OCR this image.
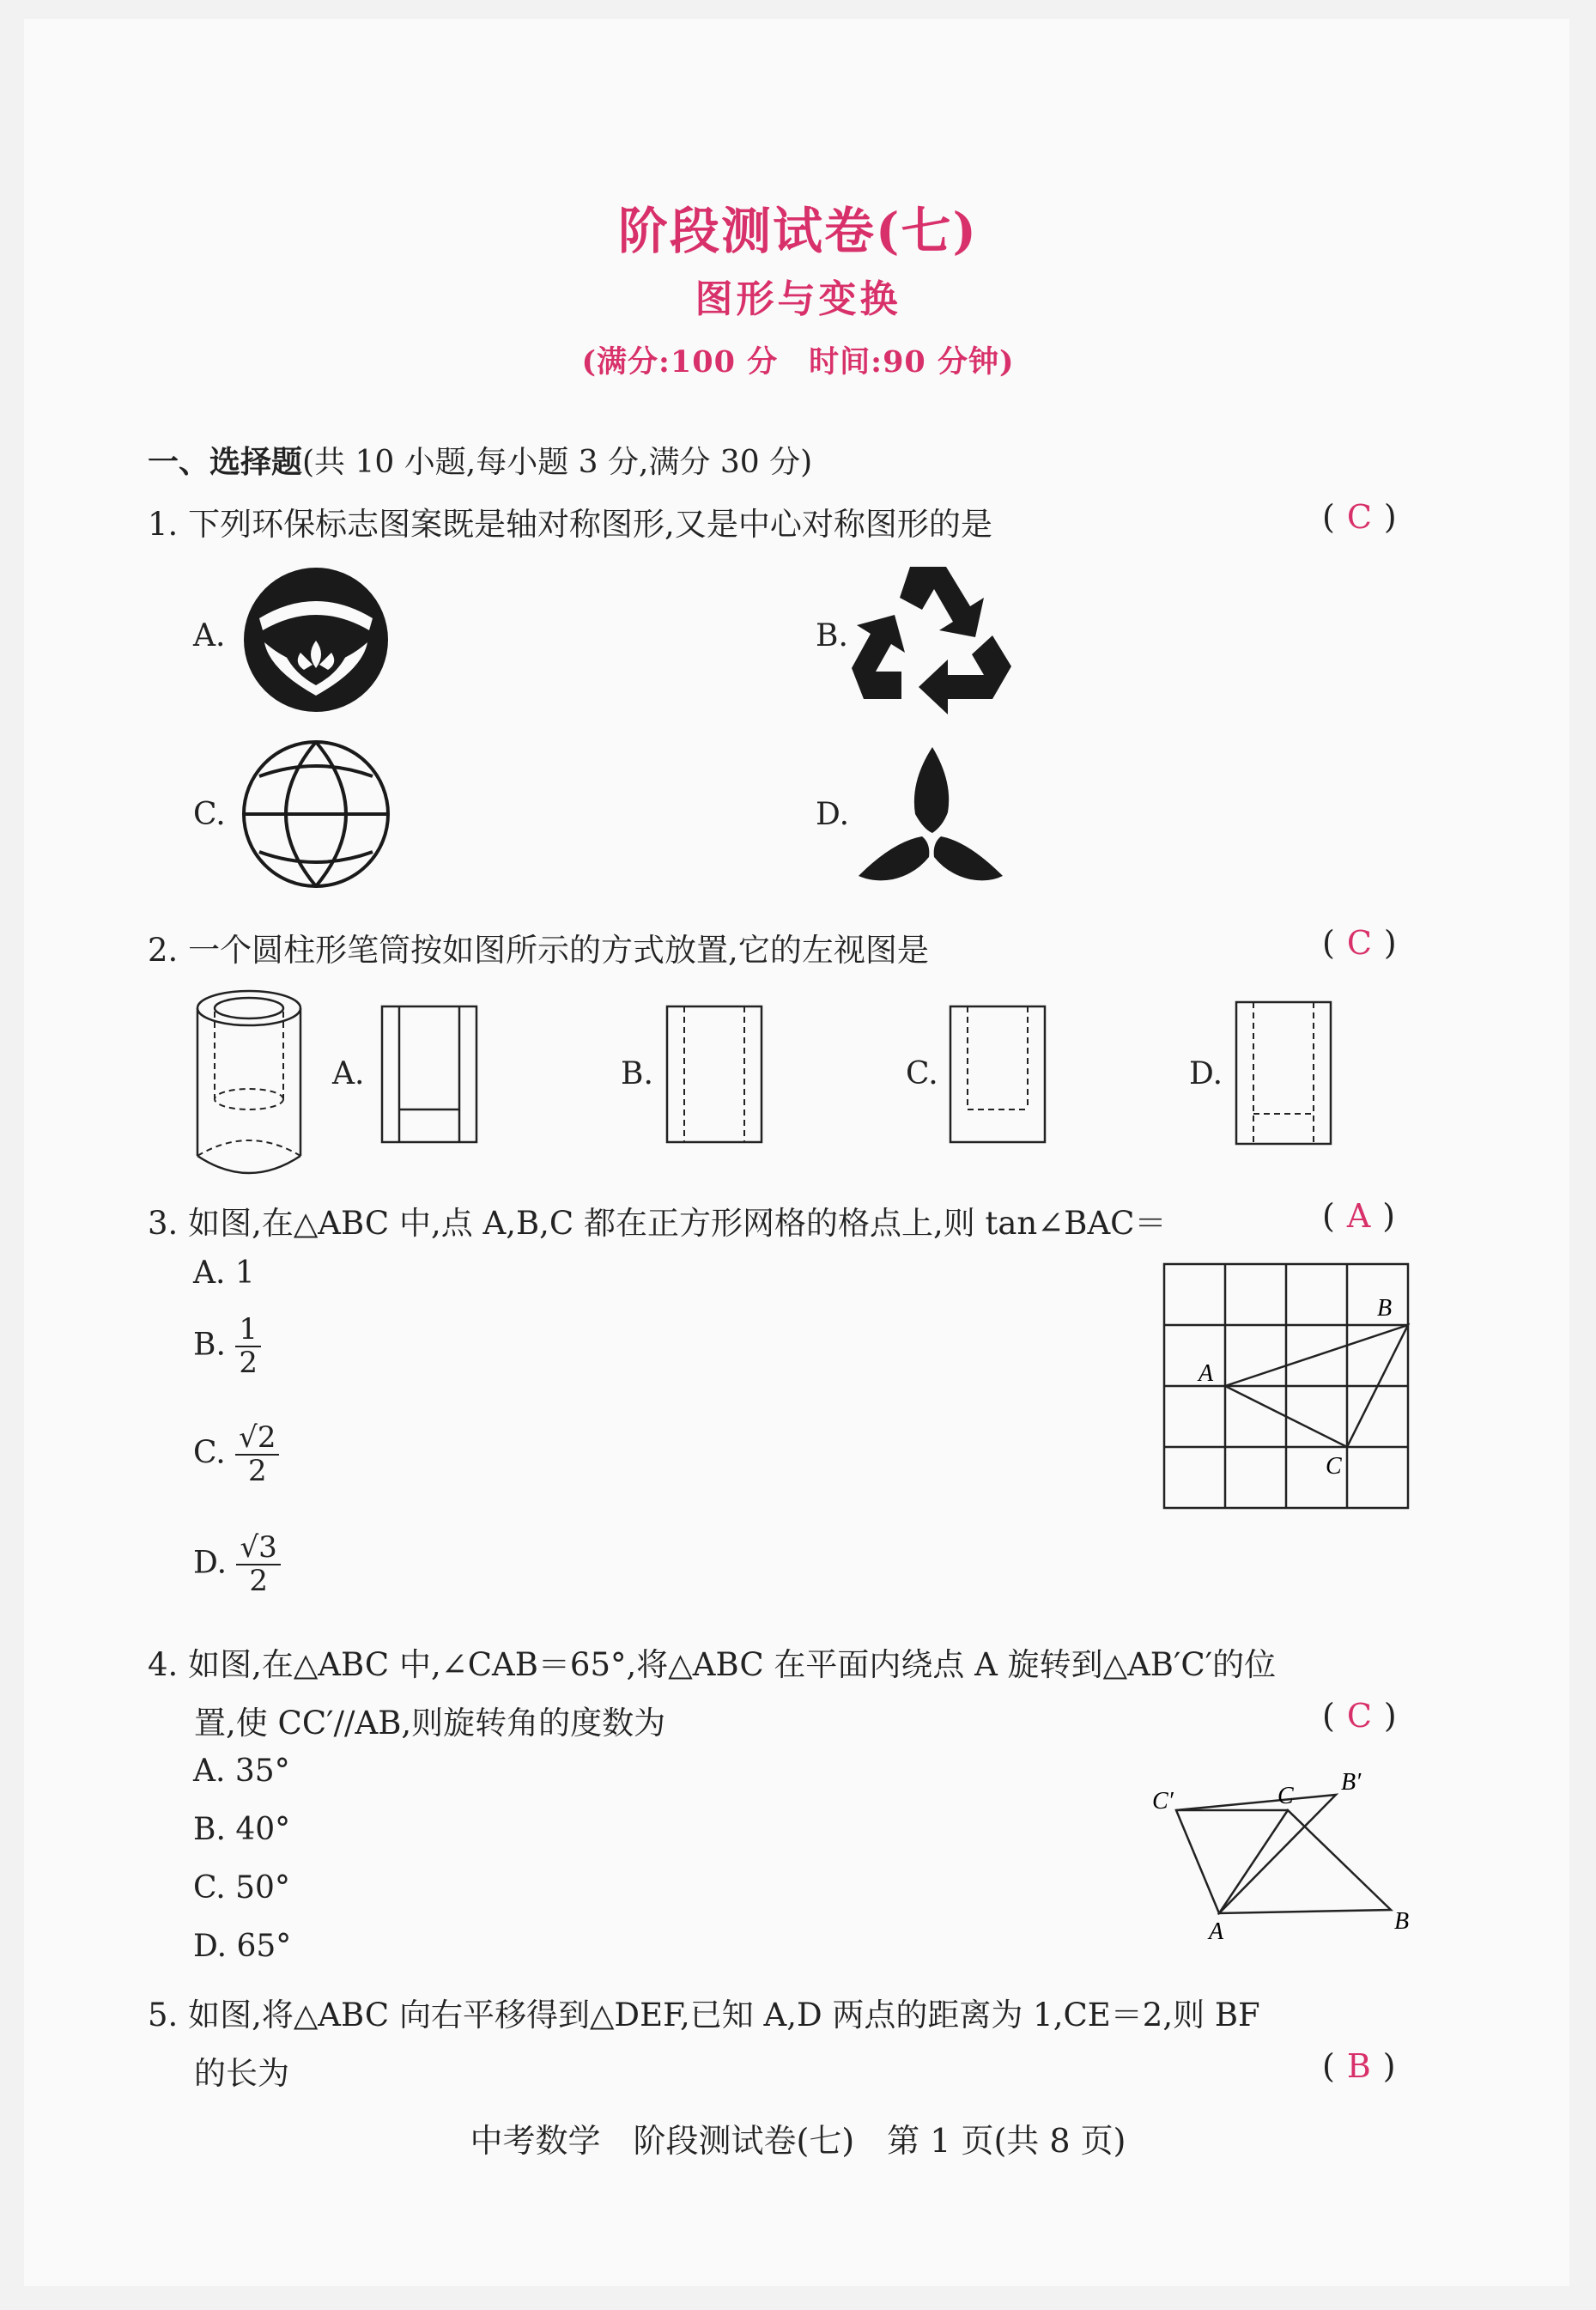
阶段测试卷(七)
图形与变换
(满分:100 分　时间:90 分钟)
一、选择题(共 10 小题,每小题 3 分,满分 30 分)
1. 下列环保标志图案既是轴对称图形,又是中心对称图形的是	( C )
A.	B.
C.	D.
2. 一个圆柱形笔筒按如图所示的方式放置,它的左视图是	( C )
A.	B.	C.	D.
3. 如图,在△ABC 中,点 A,B,C 都在正方形网格的格点上,则 tan∠BAC＝	( A )
A. 1
B. $\frac{1}{2}$
C. $\frac{√2}{2}$
D. $\frac{√3}{2}$
B
A
C
4. 如图,在△ABC 中,∠CAB＝65°,将△ABC 在平面内绕点 A 旋转到△AB′C′的位
置,使 CC′//AB,则旋转角的度数为	( C )
A. 35°
B. 40°
C. 50°
D. 65°
C′	C
B′
A	B
5. 如图,将△ABC 向右平移得到△DEF,已知 A,D 两点的距离为 1,CE＝2,则 BF
的长为	( B )
中考数学　阶段测试卷(七)　第 1 页(共 8 页)
